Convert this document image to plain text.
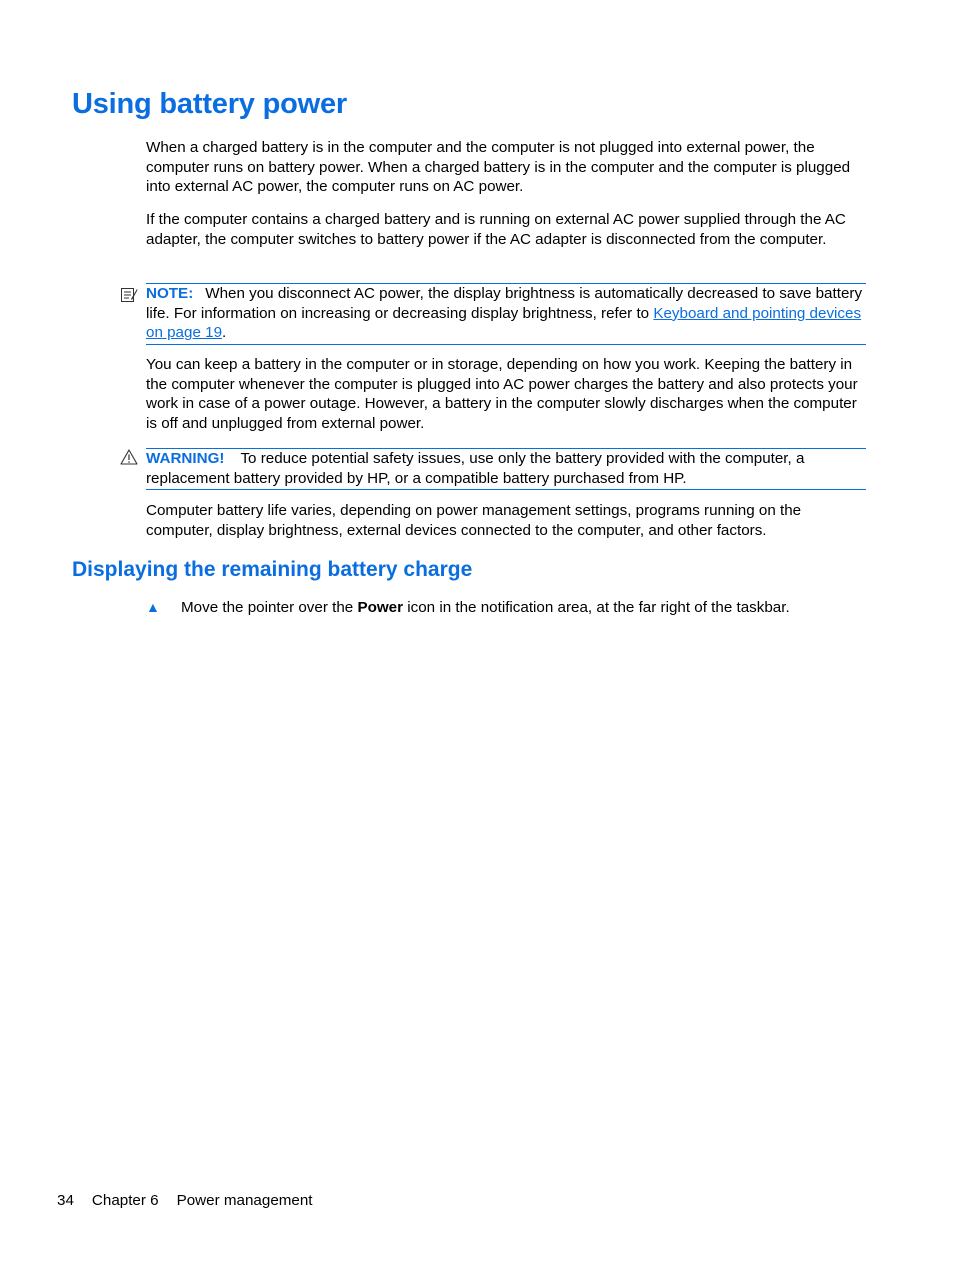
Using battery power

When a charged battery is in the computer and the computer is not plugged into external power, the computer runs on battery power. When a charged battery is in the computer and the computer is plugged into external AC power, the computer runs on AC power.

If the computer contains a charged battery and is running on external AC power supplied through the AC adapter, the computer switches to battery power if the AC adapter is disconnected from the computer.

NOTE: When you disconnect AC power, the display brightness is automatically decreased to save battery life. For information on increasing or decreasing display brightness, refer to Keyboard and pointing devices on page 19.

You can keep a battery in the computer or in storage, depending on how you work. Keeping the battery in the computer whenever the computer is plugged into AC power charges the battery and also protects your work in case of a power outage. However, a battery in the computer slowly discharges when the computer is off and unplugged from external power.

WARNING! To reduce potential safety issues, use only the battery provided with the computer, a replacement battery provided by HP, or a compatible battery purchased from HP.

Computer battery life varies, depending on power management settings, programs running on the computer, display brightness, external devices connected to the computer, and other factors.

Displaying the remaining battery charge
▲ Move the pointer over the Power icon in the notification area, at the far right of the taskbar.
34 Chapter 6 Power management
